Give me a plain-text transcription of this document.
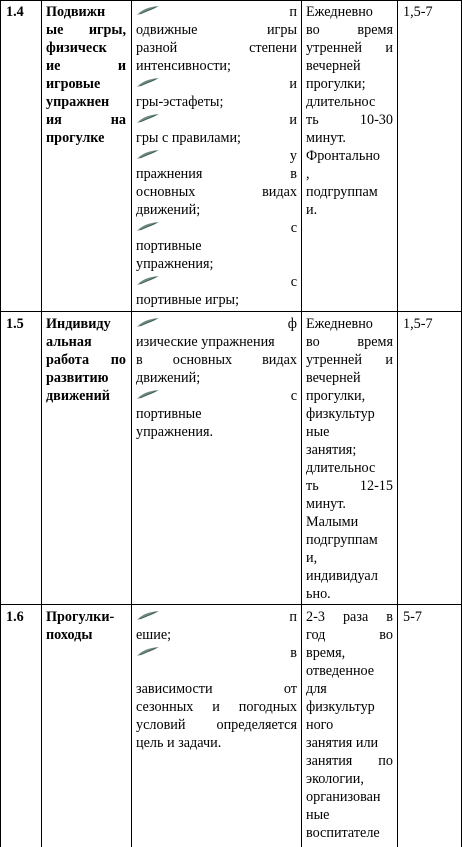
1.4 Подвижн
ые игры,
физическ
ие и
игровые
упражнен
ия на
прогулке
п
одвижные игры
разной степени
интенсивности;
и
гры-эстафеты;
и
гры с правилами;
у
пражнения в
основных видах
движений;
с
портивные
упражнения;
с
портивные игры;
Ежедневно
во время
утренней и
вечерней
прогулки;
длительнос
ть 10-30
минут.
Фронтально
,
подгруппам
и.
1,5-7
1.5 Индивиду
альная
работа по
развитию
движений
ф
изические упражнения
в основных видах
движений;
с
портивные
упражнения.
Ежедневно
во время
утренней и
вечерней
прогулки,
физкультур
ные
занятия;
длительнос
ть 12-15
минут.
Малыми
подгруппам
и,
индивидуал
ьно.
1,5-7
1.6 Прогулки-
походы
п
ешие;
в
зависимости от
сезонных и погодных
условий определяется
цель и задачи.
2-3 раза в
год во
время,
отведенное
для
физкультур
ного
занятия или
занятия по
экологии,
организован
ные
воспитателе
5-7
